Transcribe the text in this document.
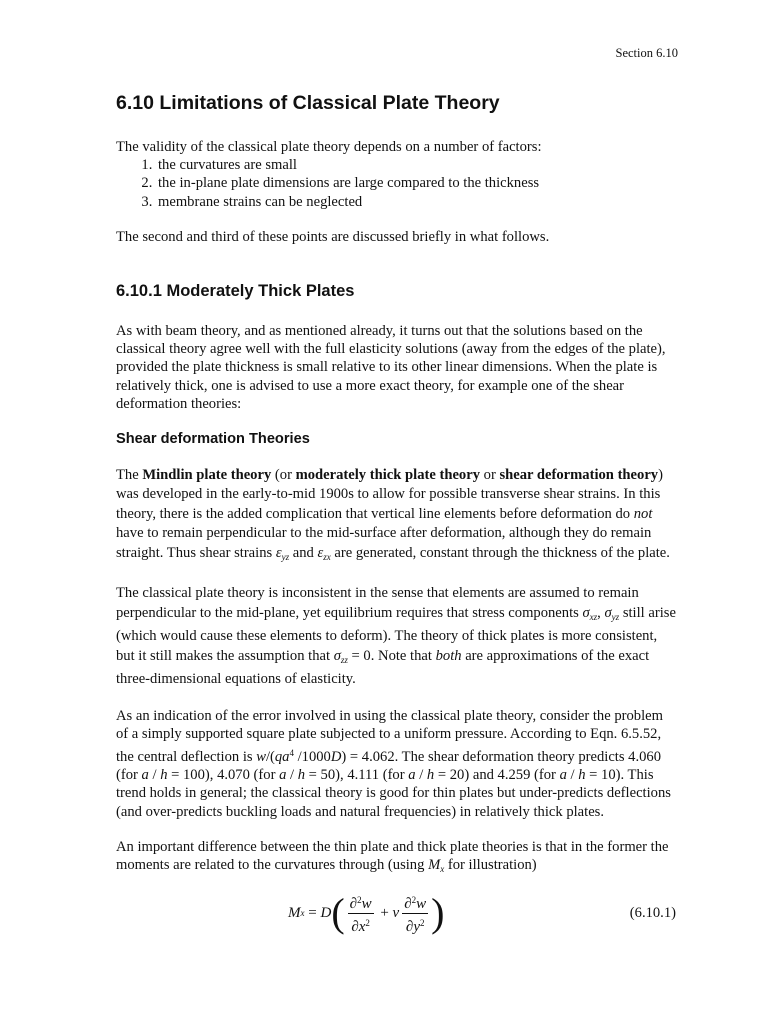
Section 6.10
6.10 Limitations of Classical Plate Theory

The validity of the classical plate theory depends on a number of factors:

1. the curvatures are small
2. the in-plane plate dimensions are large compared to the thickness
3. membrane strains can be neglected

The second and third of these points are discussed briefly in what follows.

6.10.1 Moderately Thick Plates

As with beam theory, and as mentioned already, it turns out that the solutions based on the classical theory agree well with the full elasticity solutions (away from the edges of the plate), provided the plate thickness is small relative to its other linear dimensions. When the plate is relatively thick, one is advised to use a more exact theory, for example one of the shear deformation theories:

Shear deformation Theories

The Mindlin plate theory (or moderately thick plate theory or shear deformation theory) was developed in the early-to-mid 1900s to allow for possible transverse shear strains. In this theory, there is the added complication that vertical line elements before deformation do not have to remain perpendicular to the mid-surface after deformation, although they do remain straight. Thus shear strains $\varepsilon_{yz}$ and $\varepsilon_{zx}$ are generated, constant through the thickness of the plate.

The classical plate theory is inconsistent in the sense that elements are assumed to remain perpendicular to the mid-plane, yet equilibrium requires that stress components $\sigma_{xz}$, $\sigma_{yz}$ still arise (which would cause these elements to deform). The theory of thick plates is more consistent, but it still makes the assumption that $\sigma_{zz} = 0$. Note that both are approximations of the exact three-dimensional equations of elasticity.

As an indication of the error involved in using the classical plate theory, consider the problem of a simply supported square plate subjected to a uniform pressure. According to Eqn. 6.5.52, the central deflection is $w/(qa^4$ /1000D) = 4.062. The shear deformation theory predicts 4.060 (for a / h = 100), 4.070 (for a / h = 50), 4.111 (for a / h = 20) and 4.259 (for a / h = 10). This trend holds in general; the classical theory is good for thin plates but under-predicts deflections (and over-predicts buckling loads and natural frequencies) in relatively thick plates.

An important difference between the thin plate and thick plate theories is that in the former the moments are related to the curvatures through (using $M_x$ for illustration)

M x = D ( $\frac{\partial^2w}{\partial x^2} + \nu \frac{\partial^2w}{\partial y^2}$ )	(6.10.1)
